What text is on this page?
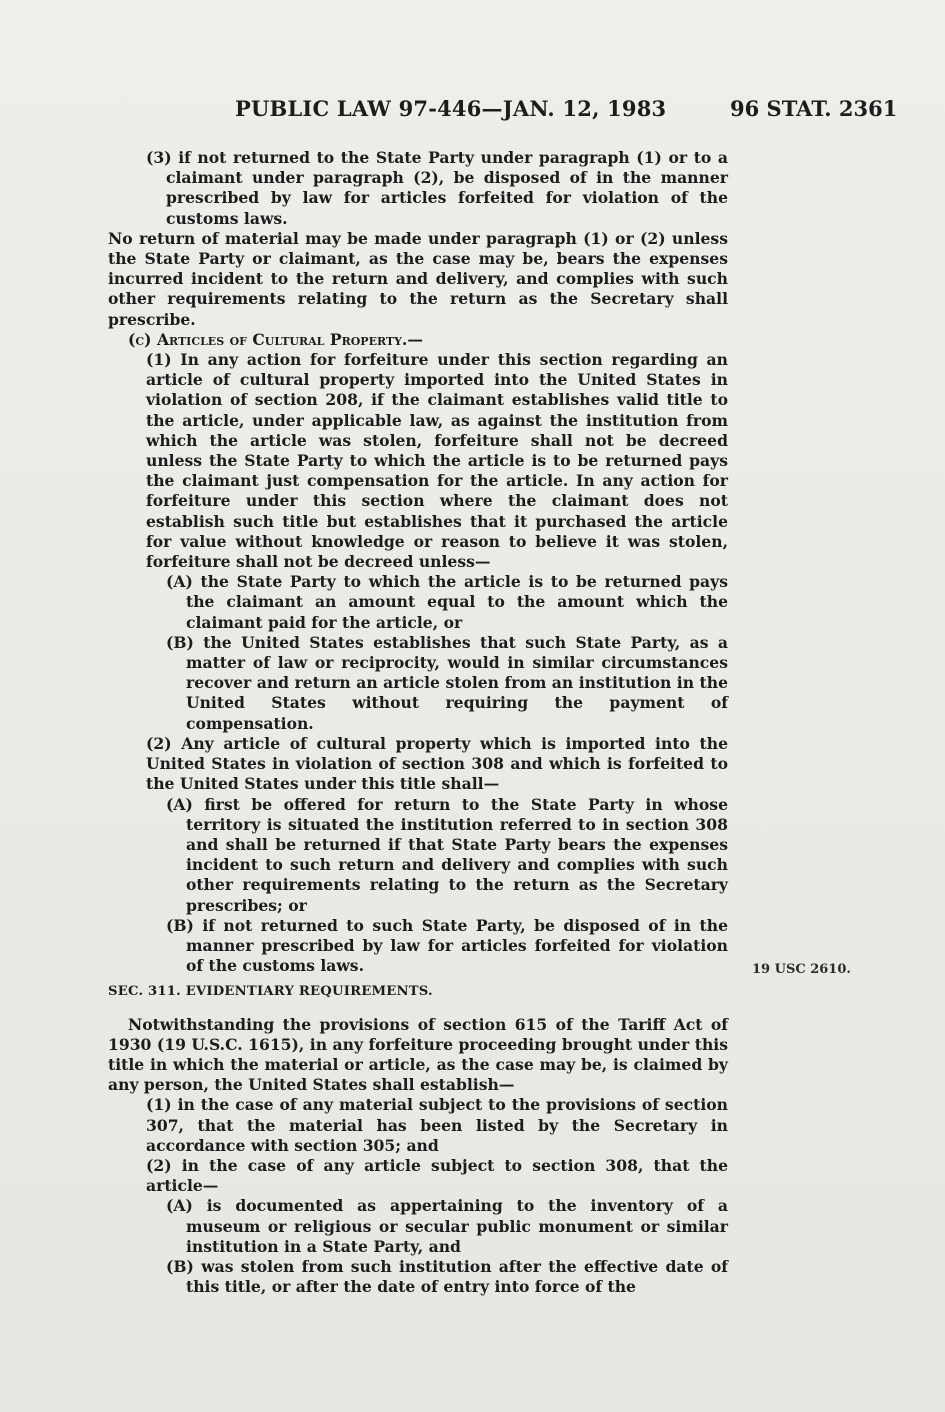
PUBLIC LAW 97-446—JAN. 12, 1983	96 STAT. 2361

(3) if not returned to the State Party under paragraph (1) or to a claimant under paragraph (2), be disposed of in the manner prescribed by law for articles forfeited for violation of the customs laws.

No return of material may be made under paragraph (1) or (2) unless the State Party or claimant, as the case may be, bears the expenses incurred incident to the return and delivery, and complies with such other requirements relating to the return as the Secretary shall prescribe.

(c) Articles of Cultural Property.—

(1) In any action for forfeiture under this section regarding an article of cultural property imported into the United States in violation of section 208, if the claimant establishes valid title to the article, under applicable law, as against the institution from which the article was stolen, forfeiture shall not be decreed unless the State Party to which the article is to be returned pays the claimant just compensation for the article. In any action for forfeiture under this section where the claimant does not establish such title but establishes that it purchased the article for value without knowledge or reason to believe it was stolen, forfeiture shall not be decreed unless—

(A) the State Party to which the article is to be returned pays the claimant an amount equal to the amount which the claimant paid for the article, or

(B) the United States establishes that such State Party, as a matter of law or reciprocity, would in similar circumstances recover and return an article stolen from an institution in the United States without requiring the payment of compensation.

(2) Any article of cultural property which is imported into the United States in violation of section 308 and which is forfeited to the United States under this title shall—

(A) first be offered for return to the State Party in whose territory is situated the institution referred to in section 308 and shall be returned if that State Party bears the expenses incident to such return and delivery and complies with such other requirements relating to the return as the Secretary prescribes; or

(B) if not returned to such State Party, be disposed of in the manner prescribed by law for articles forfeited for violation of the customs laws.

SEC. 311. EVIDENTIARY REQUIREMENTS.

Notwithstanding the provisions of section 615 of the Tariff Act of 1930 (19 U.S.C. 1615), in any forfeiture proceeding brought under this title in which the material or article, as the case may be, is claimed by any person, the United States shall establish—

(1) in the case of any material subject to the provisions of section 307, that the material has been listed by the Secretary in accordance with section 305; and

(2) in the case of any article subject to section 308, that the article—

(A) is documented as appertaining to the inventory of a museum or religious or secular public monument or similar institution in a State Party, and

(B) was stolen from such institution after the effective date of this title, or after the date of entry into force of the

19 USC 2610.
